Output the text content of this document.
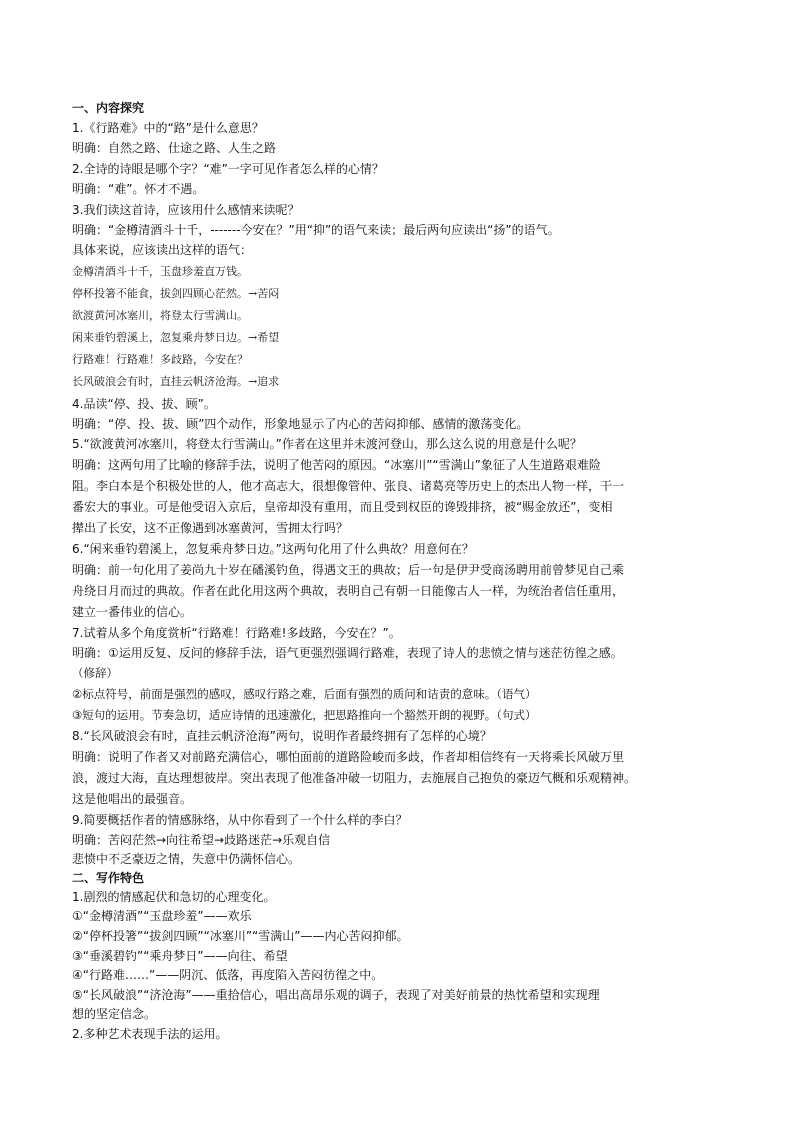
一、内容探究
1.《行路难》中的“路”是什么意思？
明确：自然之路、仕途之路、人生之路
2.全诗的诗眼是哪个字？“难”一字可见作者怎么样的心情？
明确：“难”。怀才不遇。
3.我们读这首诗，应该用什么感情来读呢？
明确：“金樽清酒斗十千，-------今安在？”用“抑”的语气来读；最后两句应读出“扬”的语气。
具体来说，应该读出这样的语气：
金樽清酒斗十千，玉盘珍羞直万钱。
停杯投箸不能食，拔剑四顾心茫然。→苦闷
欲渡黄河冰塞川，将登太行雪满山。
闲来垂钓碧溪上，忽复乘舟梦日边。→希望
行路难！行路难！多歧路，今安在？
长风破浪会有时，直挂云帆济沧海。→追求
4.品读“停、投、拔、顾”。
明确：“停、投、拔、顾”四个动作，形象地显示了内心的苦闷抑郁、感情的激荡变化。
5.“欲渡黄河冰塞川，将登太行雪满山。”作者在这里并未渡河登山，那么这么说的用意是什么呢？
明确：这两句用了比喻的修辞手法，说明了他苦闷的原因。“冰塞川”“雪满山”象征了人生道路艰难险
阻。李白本是个积极处世的人，他才高志大，很想像管仲、张良、诸葛亮等历史上的杰出人物一样，干一
番宏大的事业。可是他受诏入京后，皇帝却没有重用，而且受到权臣的谗毁排挤，被“赐金放还”，变相
撵出了长安，这不正像遇到冰塞黄河，雪拥太行吗？
6.“闲来垂钓碧溪上，忽复乘舟梦日边。”这两句化用了什么典故？用意何在？
明确：前一句化用了姜尚九十岁在磻溪钓鱼，得遇文王的典故；后一句是伊尹受商汤聘用前曾梦见自己乘
舟绕日月而过的典故。作者在此化用这两个典故，表明自己有朝一日能像古人一样，为统治者信任重用，
建立一番伟业的信心。
7.试着从多个角度赏析“行路难！行路难!多歧路，今安在？”。
明确：①运用反复、反问的修辞手法，语气更强烈强调行路难，表现了诗人的悲愤之情与迷茫彷徨之感。
（修辞）
②标点符号，前面是强烈的感叹，感叹行路之难，后面有强烈的质问和诘责的意味。（语气）
③短句的运用。节奏急切，适应诗情的迅速激化，把思路推向一个豁然开朗的视野。（句式）
8.“长风破浪会有时，直挂云帆济沧海”两句，说明作者最终拥有了怎样的心境？
明确：说明了作者又对前路充满信心，哪怕面前的道路险峻而多歧，作者却相信终有一天将乘长风破万里
浪，渡过大海，直达理想彼岸。突出表现了他准备冲破一切阻力，去施展自己抱负的豪迈气概和乐观精神。
这是他唱出的最强音。
9.简要概括作者的情感脉络，从中你看到了一个什么样的李白？
明确：苦闷茫然→向往希望→歧路迷茫→乐观自信
悲愤中不乏豪迈之情，失意中仍满怀信心。
二、写作特色
1.剧烈的情感起伏和急切的心理变化。
①“金樽清酒”“玉盘珍羞”——欢乐
②“停杯投箸”“拔剑四顾”“冰塞川”“雪满山”——内心苦闷抑郁。
③“垂溪碧钓”“乘舟梦日”——向往、希望
④“行路难……”——阴沉、低落，再度陷入苦闷彷徨之中。
⑤“长风破浪”“济沧海”——重拾信心，唱出高昂乐观的调子，表现了对美好前景的热忱希望和实现理
想的坚定信念。
2.多种艺术表现手法的运用。
